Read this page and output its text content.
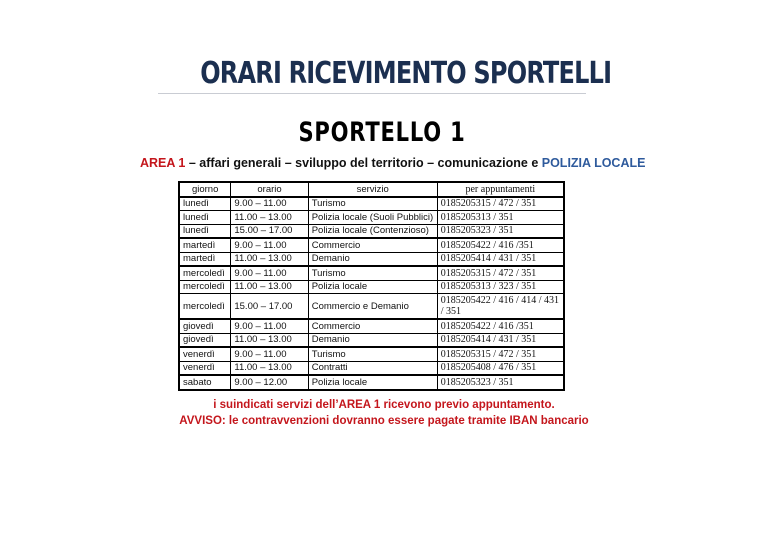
ORARI RICEVIMENTO SPORTELLI
SPORTELLO 1
AREA 1 – affari generali – sviluppo del territorio – comunicazione e POLIZIA LOCALE
giorno	orario	servizio	per appuntamenti
lunedì	9.00 – 11.00	Turismo	0185205315 / 472 / 351
lunedì	11.00 – 13.00	Polizia locale (Suoli Pubblici)	0185205313 / 351
lunedì	15.00 – 17.00	Polizia locale (Contenzioso)	0185205323 / 351
martedì	9.00 – 11.00	Commercio	0185205422 / 416 /351
martedì	11.00 – 13.00	Demanio	0185205414 / 431 / 351
mercoledì	9.00 – 11.00	Turismo	0185205315 / 472 / 351
mercoledì	11.00 – 13.00	Polizia locale	0185205313 / 323 / 351
mercoledì	15.00 – 17.00	Commercio e Demanio	0185205422 / 416 / 414 / 431 / 351
giovedì	9.00 – 11.00	Commercio	0185205422 / 416 /351
giovedì	11.00 – 13.00	Demanio	0185205414 / 431 / 351
venerdì	9.00 – 11.00	Turismo	0185205315 / 472 / 351
venerdì	11.00 – 13.00	Contratti	0185205408 / 476 / 351
sabato	9.00 – 12.00	Polizia locale	0185205323 / 351
i suindicati servizi dell’AREA 1 ricevono previo appuntamento.
AVVISO: le contravvenzioni dovranno essere pagate tramite IBAN bancario
